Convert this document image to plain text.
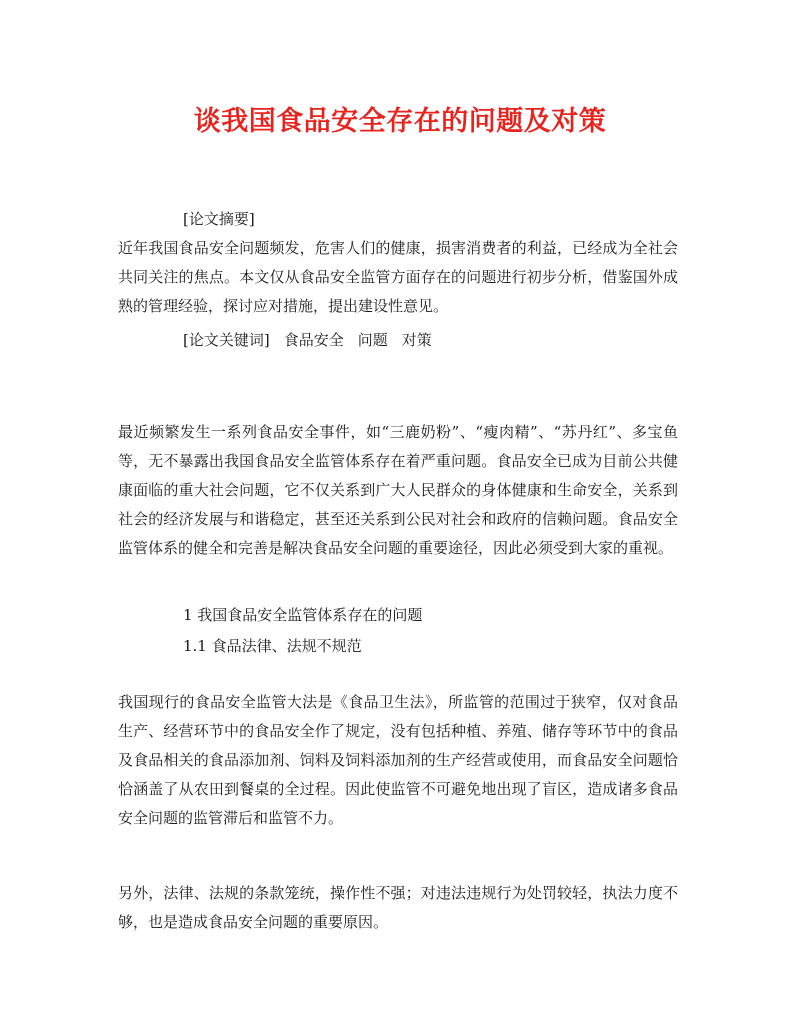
谈我国食品安全存在的问题及对策

[论文摘要]

近年我国食品安全问题频发，危害人们的健康，损害消费者的利益，已经成为全社会共同关注的焦点。本文仅从食品安全监管方面存在的问题进行初步分析，借鉴国外成熟的管理经验，探讨应对措施，提出建设性意见。

[论文关键词] 食品安全 问题 对策

最近频繁发生一系列食品安全事件，如“三鹿奶粉”、“瘦肉精”、“苏丹红”、多宝鱼等，无不暴露出我国食品安全监管体系存在着严重问题。食品安全已成为目前公共健康面临的重大社会问题，它不仅关系到广大人民群众的身体健康和生命安全，关系到社会的经济发展与和谐稳定，甚至还关系到公民对社会和政府的信赖问题。食品安全监管体系的健全和完善是解决食品安全问题的重要途径，因此必须受到大家的重视。

1 我国食品安全监管体系存在的问题

1.1 食品法律、法规不规范

我国现行的食品安全监管大法是《食品卫生法》，所监管的范围过于狭窄，仅对食品生产、经营环节中的食品安全作了规定，没有包括种植、养殖、储存等环节中的食品及食品相关的食品添加剂、饲料及饲料添加剂的生产经营或使用，而食品安全问题恰恰涵盖了从农田到餐桌的全过程。因此使监管不可避免地出现了盲区，造成诸多食品安全问题的监管滞后和监管不力。

另外，法律、法规的条款笼统，操作性不强；对违法违规行为处罚较轻，执法力度不够，也是造成食品安全问题的重要原因。
